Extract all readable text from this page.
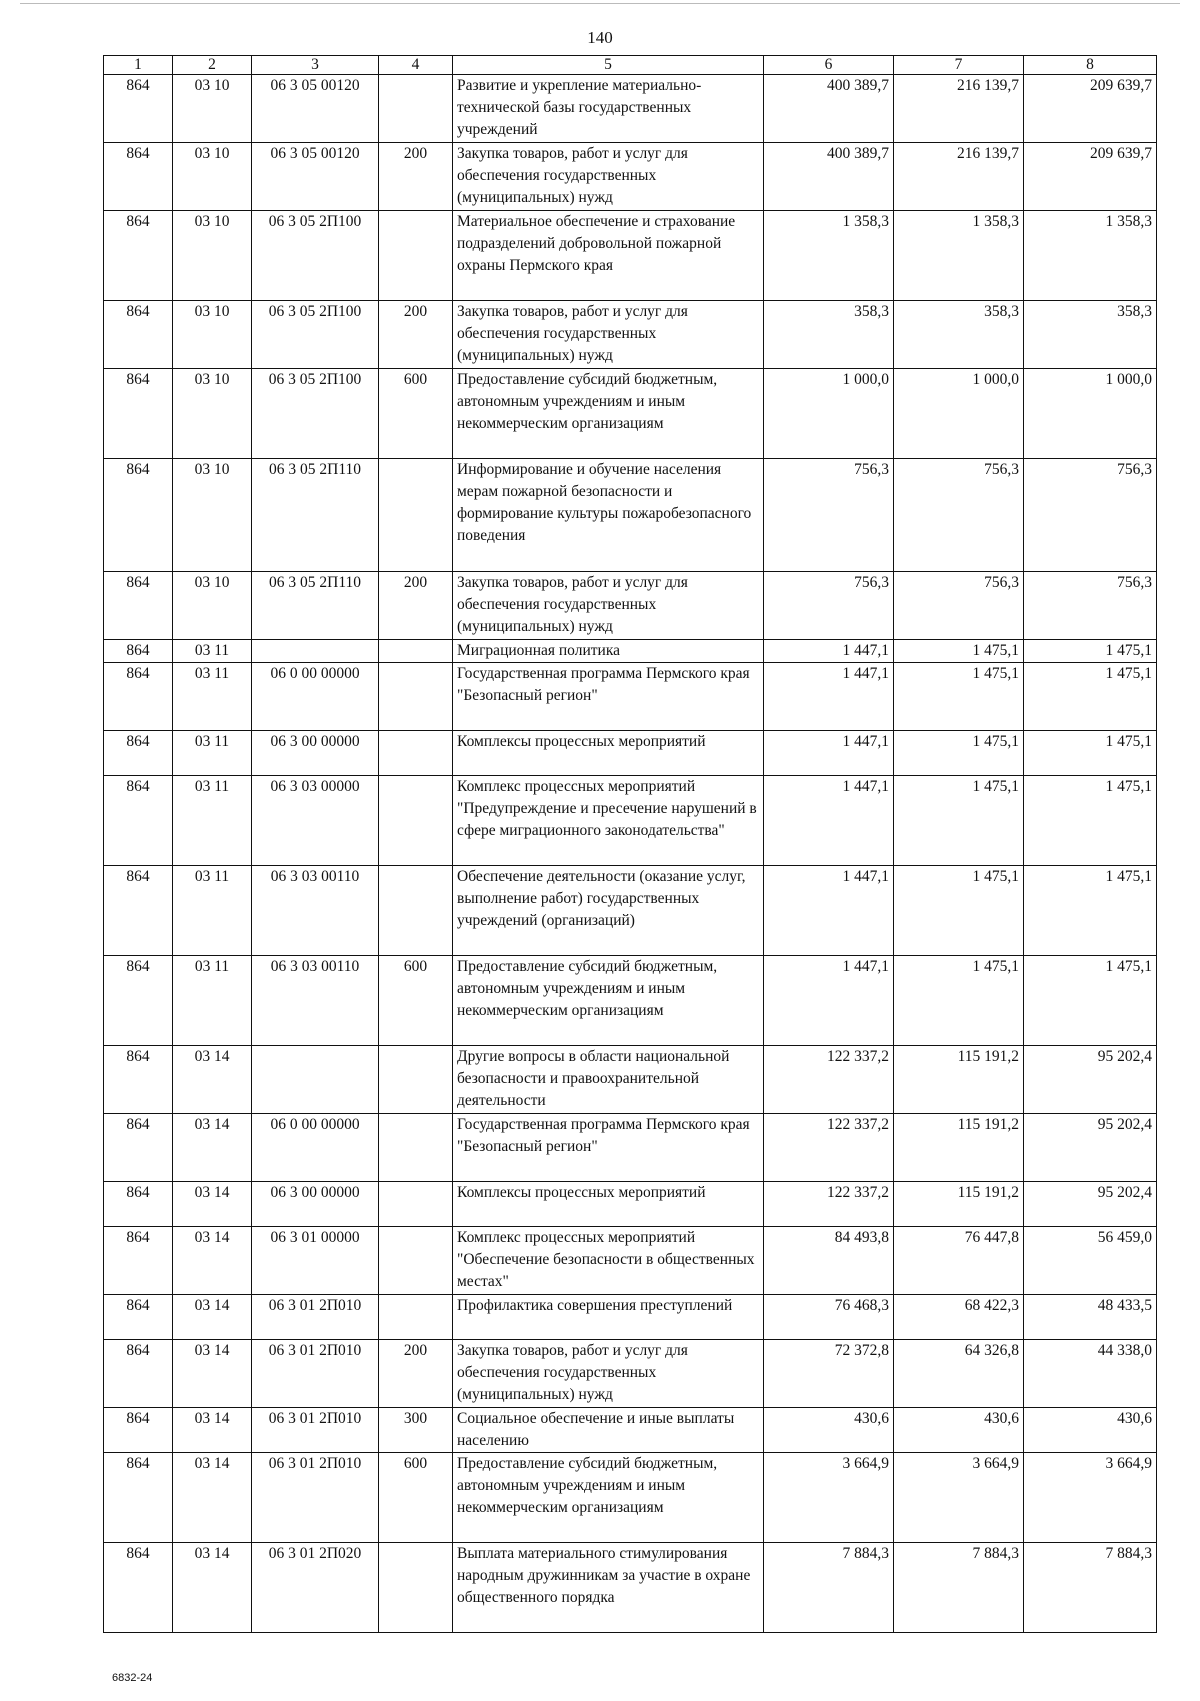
140
1	2	3	4	5	6	7	8
864	03 10	06 3 05 00120		Развитие и укрепление материально-технической базы государственных учреждений	400 389,7	216 139,7	209 639,7
864	03 10	06 3 05 00120	200	Закупка товаров, работ и услуг для обеспечения государственных (муниципальных) нужд	400 389,7	216 139,7	209 639,7
864	03 10	06 3 05 2П100		Материальное обеспечение и страхование подразделений добровольной пожарной охраны Пермского края	1 358,3	1 358,3	1 358,3
864	03 10	06 3 05 2П100	200	Закупка товаров, работ и услуг для обеспечения государственных (муниципальных) нужд	358,3	358,3	358,3
864	03 10	06 3 05 2П100	600	Предоставление субсидий бюджетным, автономным учреждениям и иным некоммерческим организациям	1 000,0	1 000,0	1 000,0
864	03 10	06 3 05 2П110		Информирование и обучение населения мерам пожарной безопасности и формирование культуры пожаробезопасного поведения	756,3	756,3	756,3
864	03 10	06 3 05 2П110	200	Закупка товаров, работ и услуг для обеспечения государственных (муниципальных) нужд	756,3	756,3	756,3
864	03 11			Миграционная политика	1 447,1	1 475,1	1 475,1
864	03 11	06 0 00 00000		Государственная программа Пермского края "Безопасный регион"	1 447,1	1 475,1	1 475,1
864	03 11	06 3 00 00000		Комплексы процессных мероприятий	1 447,1	1 475,1	1 475,1
864	03 11	06 3 03 00000		Комплекс процессных мероприятий "Предупреждение и пресечение нарушений в сфере миграционного законодательства"	1 447,1	1 475,1	1 475,1
864	03 11	06 3 03 00110		Обеспечение деятельности (оказание услуг, выполнение работ) государственных учреждений (организаций)	1 447,1	1 475,1	1 475,1
864	03 11	06 3 03 00110	600	Предоставление субсидий бюджетным, автономным учреждениям и иным некоммерческим организациям	1 447,1	1 475,1	1 475,1
864	03 14			Другие вопросы в области национальной безопасности и правоохранительной деятельности	122 337,2	115 191,2	95 202,4
864	03 14	06 0 00 00000		Государственная программа Пермского края "Безопасный регион"	122 337,2	115 191,2	95 202,4
864	03 14	06 3 00 00000		Комплексы процессных мероприятий	122 337,2	115 191,2	95 202,4
864	03 14	06 3 01 00000		Комплекс процессных мероприятий "Обеспечение безопасности в общественных местах"	84 493,8	76 447,8	56 459,0
864	03 14	06 3 01 2П010		Профилактика совершения преступлений	76 468,3	68 422,3	48 433,5
864	03 14	06 3 01 2П010	200	Закупка товаров, работ и услуг для обеспечения государственных (муниципальных) нужд	72 372,8	64 326,8	44 338,0
864	03 14	06 3 01 2П010	300	Социальное обеспечение и иные выплаты населению	430,6	430,6	430,6
864	03 14	06 3 01 2П010	600	Предоставление субсидий бюджетным, автономным учреждениям и иным некоммерческим организациям	3 664,9	3 664,9	3 664,9
864	03 14	06 3 01 2П020		Выплата материального стимулирования народным дружинникам за участие в охране общественного порядка	7 884,3	7 884,3	7 884,3
6832-24
